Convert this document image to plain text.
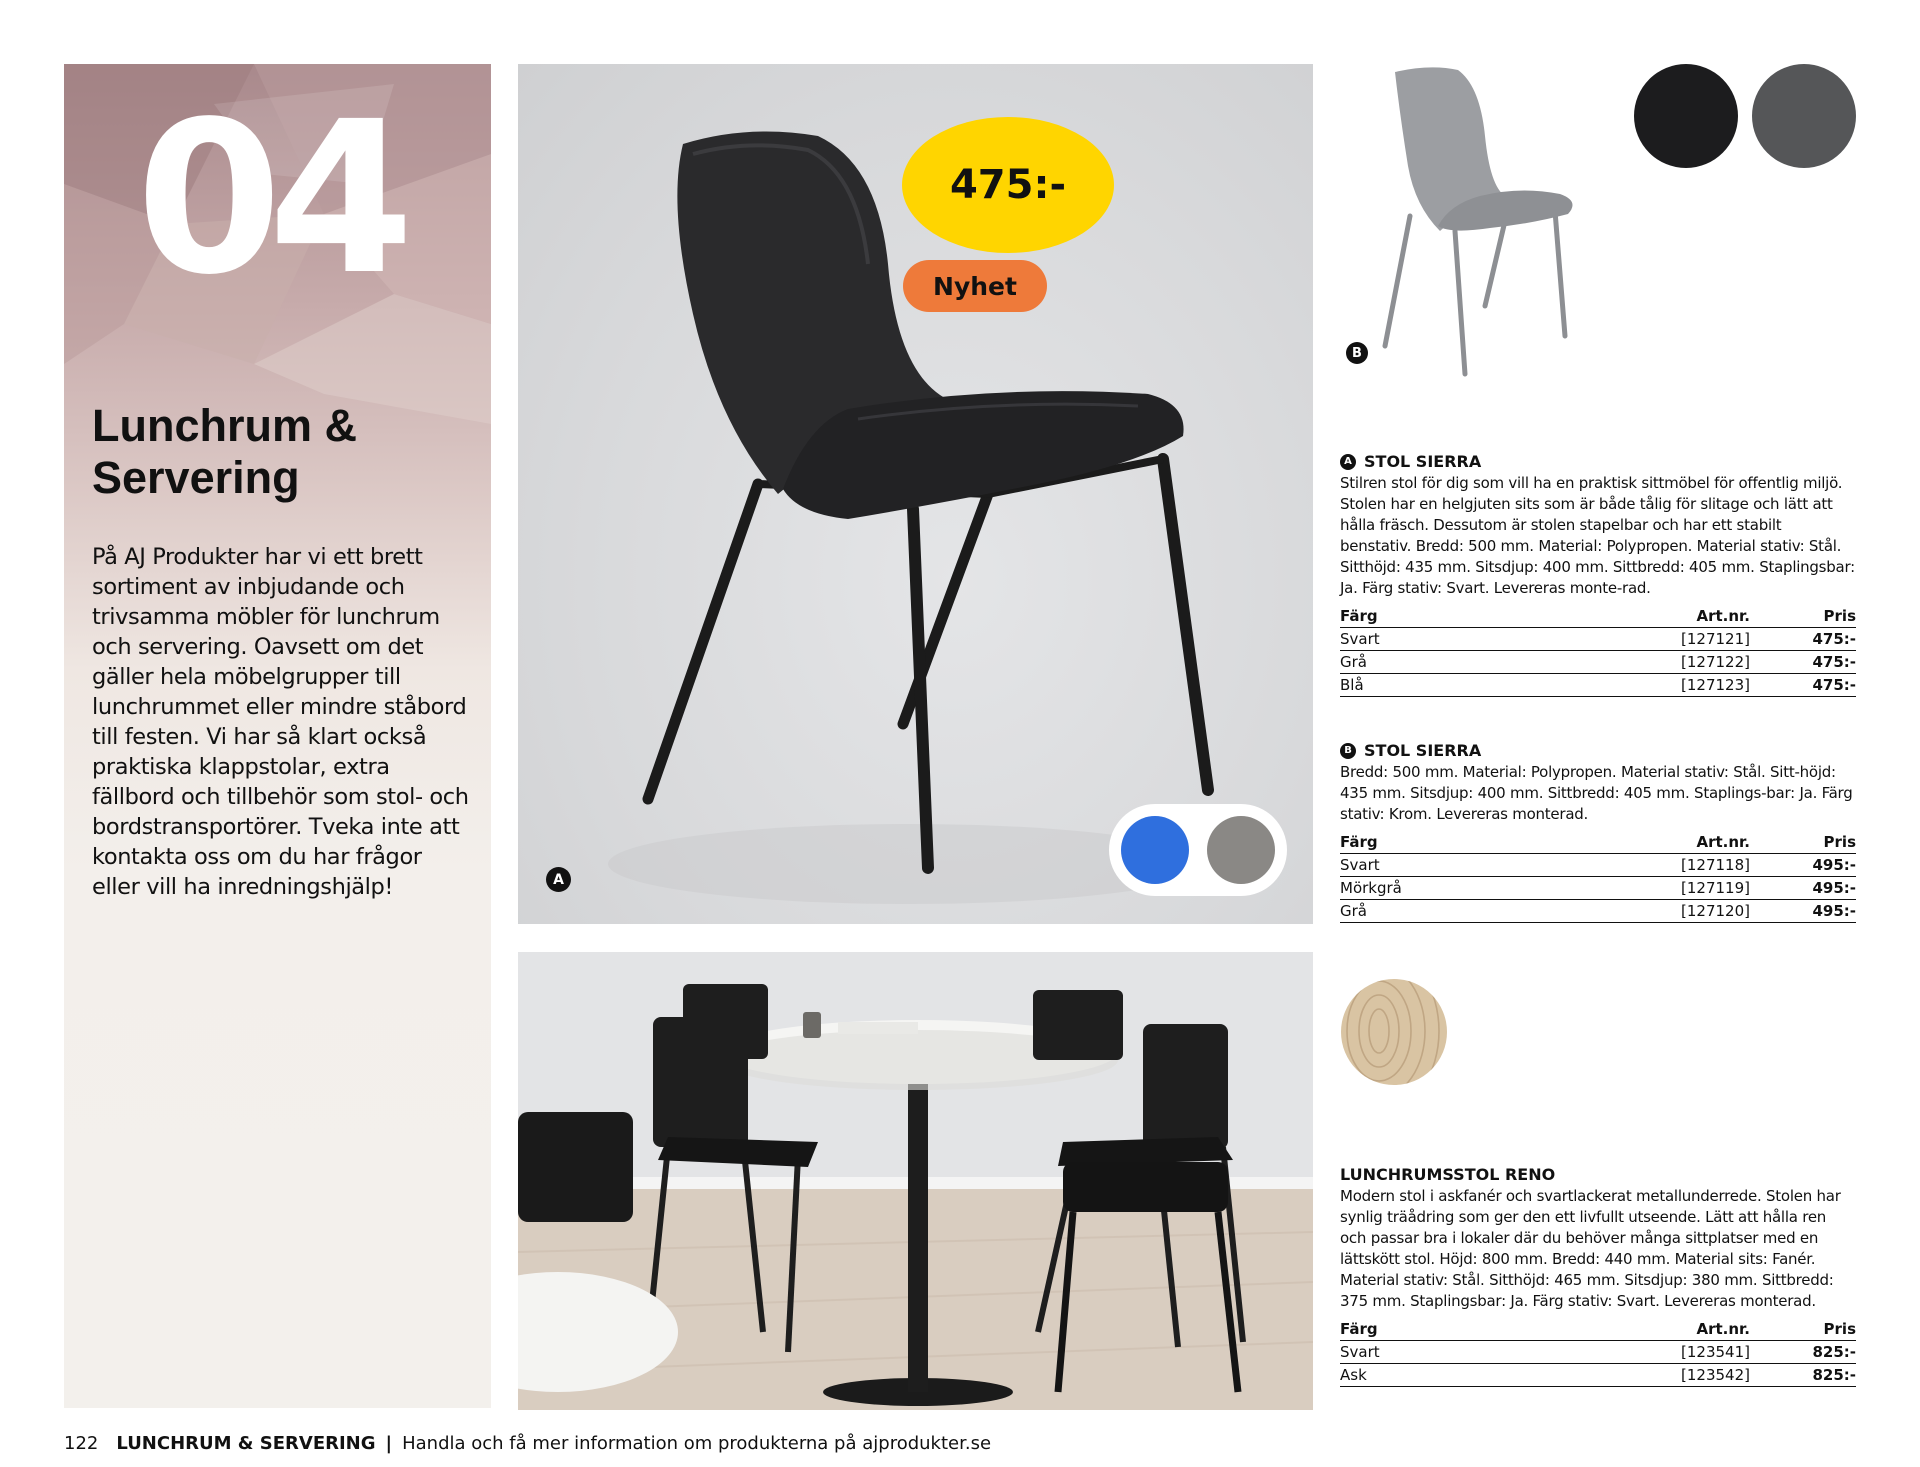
04
Lunchrum & Servering

På AJ Produkter har vi ett brett sortiment av inbjudande och trivsamma möbler för lunchrum och servering. Oavsett om det gäller hela möbelgrupper till lunchrummet eller mindre ståbord till festen. Vi har så klart också praktiska klappstolar, extra fällbord och tillbehör som stol- och bordstransportörer. Tveka inte att kontakta oss om du har frågor eller vill ha inredningshjälp!

475:-
Nyhet
A
B
A STOL SIERRA

Stilren stol för dig som vill ha en praktisk sittmöbel för offentlig miljö. Stolen har en helgjuten sits som är både tålig för slitage och lätt att hålla fräsch. Dessutom är stolen stapelbar och har ett stabilt benstativ. Bredd: 500 mm. Material: Polypropen. Material stativ: Stål. Sitthöjd: 435 mm. Sitsdjup: 400 mm. Sittbredd: 405 mm. Staplingsbar: Ja. Färg stativ: Svart. Levereras monte-rad.

Färg	Art.nr.	Pris
Svart	[127121]	475:-
Grå	[127122]	475:-
Blå	[127123]	475:-
B STOL SIERRA

Bredd: 500 mm. Material: Polypropen. Material stativ: Stål. Sitt-höjd: 435 mm. Sitsdjup: 400 mm. Sittbredd: 405 mm. Staplings-bar: Ja. Färg stativ: Krom. Levereras monterad.

Färg	Art.nr.	Pris
Svart	[127118]	495:-
Mörkgrå	[127119]	495:-
Grå	[127120]	495:-
LUNCHRUMSSTOL RENO

Modern stol i askfanér och svartlackerat metallunderrede. Stolen har synlig träådring som ger den ett livfullt utseende. Lätt att hålla ren och passar bra i lokaler där du behöver många sittplatser med en lättskött stol. Höjd: 800 mm. Bredd: 440 mm. Material sits: Fanér. Material stativ: Stål. Sitthöjd: 465 mm. Sitsdjup: 380 mm. Sittbredd: 375 mm. Staplingsbar: Ja. Färg stativ: Svart. Levereras monterad.

Färg	Art.nr.	Pris
Svart	[123541]	825:-
Ask	[123542]	825:-
122 LUNCHRUM & SERVERING | Handla och få mer information om produkterna på ajprodukter.se
